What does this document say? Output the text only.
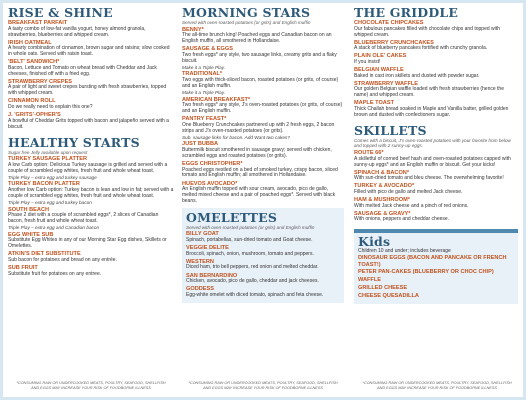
RISE & SHINE
BREAKFAST PARFAIT
A tasty combo of low-fat vanilla yogurt, honey almond granola, strawberries, blueberries and whipped cream.
IRISH OATMEAL
A hearty combination of cinnamon, brown sugar and raisins; slow cooked in whole oats. Served with raisin toast.
'BELT' SANDWICH*
Bacon, Lettuce and Tomato on wheat bread with Cheddar and Jack cheeses, finished off with a fried egg.
STRAWBERRY CREPES
A pair of light and sweet crepes bursting with fresh strawberries, topped with whipped cream.
CINNAMON ROLL
Do we really need to explain this one?
J. 'GRITS'-OPHER'S
A bowlful of Cheddar Grits topped with bacon and jalapeño served with a biscuit.
HEALTHY STARTS
Sugar free Jelly available upon request
TURKEY SAUSAGE PLATTER
A low Carb option: Delicious Turkey sausage is grilled and served with a couple of scrambled egg whites, fresh fruit and whole wheat toast.
Triple Play – extra egg and turkey sausage
TURKEY BACON PLATTER
Another low Carb option: Turkey bacon is lean and low in fat; served with a couple of scrambled egg whites, fresh fruit and whole wheat toast.
Triple Play – extra egg and turkey bacon
SOUTH BEACH
Phase 2 diet with a couple of scrambled eggs*, 2 slices of Canadian bacon, fresh fruit and whole wheat toast.
Triple Play – extra egg and Canadian bacon
EGG WHITE SUB
Substitute Egg Whites in any of our Morning Star Egg dishes, Skillets or Omelettes.
ATKIN'S DIET SUBSTITUTE
Sub bacon for potatoes and bread on any entrée.
SUB FRUIT
Substitute fruit for potatoes on any entree.
MORNING STARS
Served with oven-roasted potatoes (or grits) and English muffin
BENNY*
The all-time brunch king! Poached eggs and Canadian bacon on an English muffin, all smothered in Hollandaise.
SAUSAGE & EGGS
Two fresh eggs* any style, two sausage links, creamy grits and a flaky biscuit.
Make it a Triple Play.
TRADITIONAL*
Two eggs with thick-sliced bacon, roasted potatoes (or grits, of course) and an English muffin.
Make it a Triple Play.
AMERICAN BREAKFAST*
Two fresh eggs* any style, J's oven-roasted potatoes (or grits, of course) and an English muffin.
PANTRY FEAST*
One Blueberry Crunchcakes partnered up with 2 fresh eggs, 2 bacon strips and J's oven-roasted potatoes (or grits).
Sub. sausage links for bacon. Add Want two cakes?
JUST BUBBA
Buttermilk biscuit smothered in sausage gravy; served with chicken, scrambled eggs and roasted potatoes (or grits).
EGGS CHRISTOPHER*
Poached eggs nestled on a bed of smoked turkey, crispy bacon, sliced tomato and English muffin; all smothered in Hollandaise.
HUEVOS AVOCADO*
An English muffin topped with sour cream, avocado, pico de gallo, melted mixed cheese and a pair of poached eggs*. Served with black beans.
OMELETTES
Served with oven-roasted potatoes (or grits) and English muffin
BILLY GOAT
Spinach, portabellas, sun-dried tomato and Goat cheese.
VEGGIE DELITE
Broccoli, spinach, onion, mushroom, tomato and peppers.
WESTERN
Diced ham, trio bell peppers, red onion and melted cheddar.
SAN BERNARDINO
Chicken, avocado, pico de gallo, cheddar and jack cheeses.
GODDESS
Egg-white omelet with diced tomato, spinach and feta cheese.
THE GRIDDLE
CHOCOLATE CHIPCAKES
Our fabulous pancakes filled with chocolate chips and topped with whipped cream.
BLUEBERRY CRUNCHCAKES
A stack of blueberry pancakes fortified with crunchy granola.
PLAIN OLE' CAKES
If you insist!
BELGIAN WAFFLE
Baked in cast iron skillets and dusted with powder sugar.
STRAWBERRY WAFFLE
Our golden Belgian waffle loaded with fresh strawberries (hence the name) and whipped cream.
MAPLE TOAST
Thick Challah bread soaked in Maple and Vanilla batter, grilled golden brown and dusted with confectioners sugar.
SKILLETS
Comes with a biscuit, J's oven-roasted potatoes with your favorite from below and topped with 2 sunny-up eggs.
ROUTE 66*
A skilletful of corned beef hash and oven-roasted potatoes capped with sunny-up eggs* and an English muffin or biscuit. Get your kicks!
SPINACH & BACON*
With sun-dried tomato and bleu cheese. The overwhelming favorite!
TURKEY & AVOCADO*
Filled with pico de gallo and melted Jack cheese.
HAM & MUSHROOM*
With melted Jack cheese and a pinch of red onions.
SAUSAGE & GRAVY*
With onions, peppers and cheddar cheese.
Kids
Children 10 and under; includes beverage
DINOSAUR EGGS (BACON AND PANCAKE OR FRENCH TOAST!)
PETER PAN-CAKES (BLUEBERRY OR CHOC CHIP)
WAFFLE
GRILLED CHEESE
CHEESE QUESADILLA
*CONSUMING RAW OR UNDERCOOKED MEATS, POULTRY, SEAFOOD, SHELLFISH AND EGGS MAY INCREASE YOUR RISK OF FOODBORNE ILLNESS
*CONSUMING RAW OR UNDERCOOKED MEATS, POULTRY, SEAFOOD, SHELLFISH AND EGGS MAY INCREASE YOUR RISK OF FOODBORNE ILLNESS
*CONSUMING RAW OR UNDERCOOKED MEATS, POULTRY, SEAFOOD, SHELLFISH AND EGGS MAY INCREASE YOUR RISK OF FOODBORNE ILLNESS
